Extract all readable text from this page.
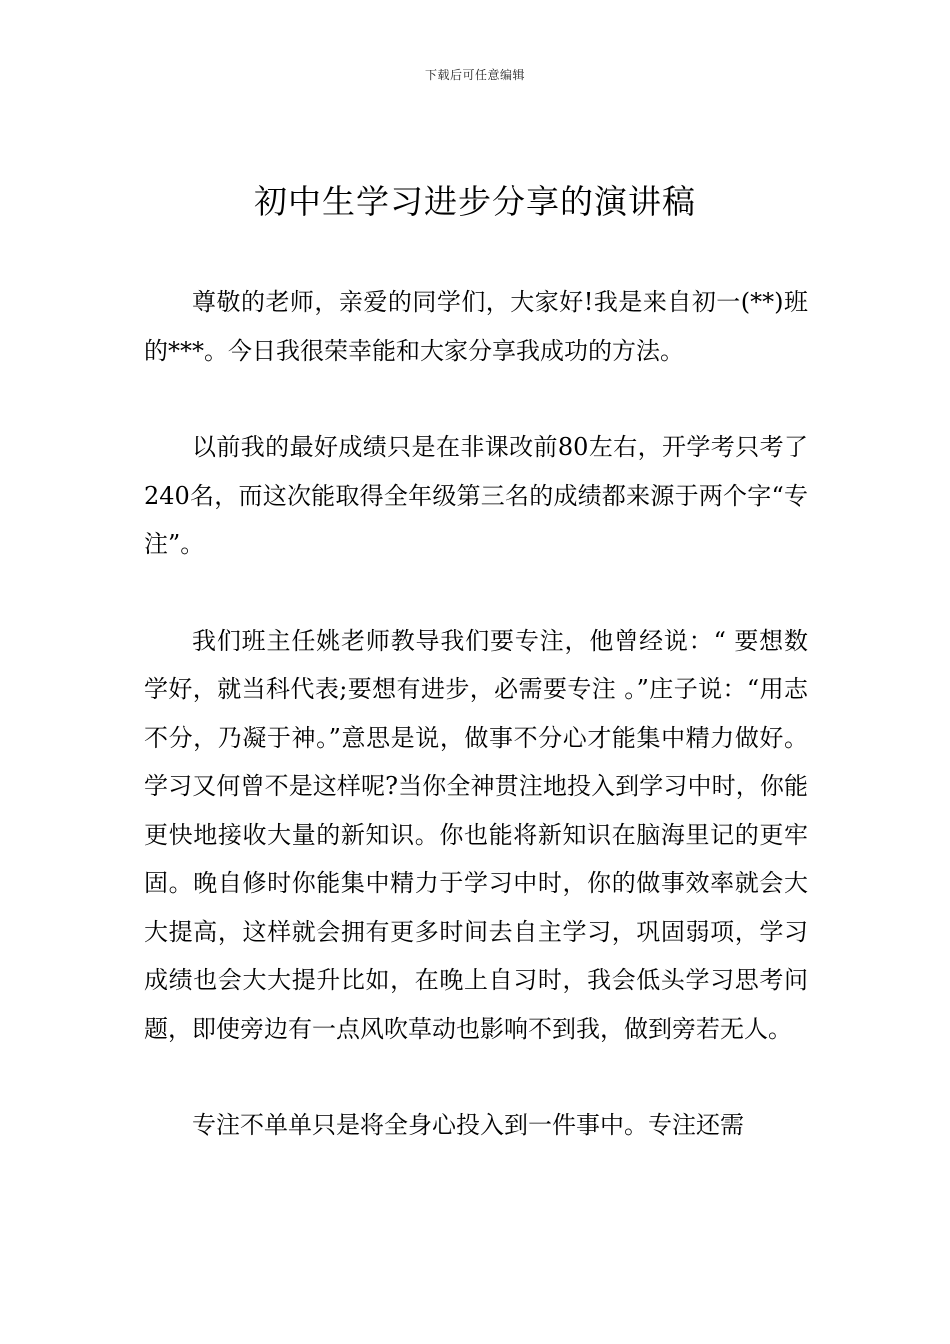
下载后可任意编辑
初中生学习进步分享的演讲稿

尊敬的老师，亲爱的同学们，大家好!我是来自初一(**)班的***。今日我很荣幸能和大家分享我成功的方法。

以前我的最好成绩只是在非课改前80左右，开学考只考了240名，而这次能取得全年级第三名的成绩都来源于两个字“专注”。

我们班主任姚老师教导我们要专注，他曾经说：“ 要想数学好，就当科代表;要想有进步，必需要专注 。”庄子说：“用志不分，乃凝于神。”意思是说，做事不分心才能集中精力做好。学习又何曾不是这样呢?当你全神贯注地投入到学习中时，你能更快地接收大量的新知识。你也能将新知识在脑海里记的更牢固。晚自修时你能集中精力于学习中时，你的做事效率就会大大提高，这样就会拥有更多时间去自主学习，巩固弱项，学习成绩也会大大提升比如，在晚上自习时，我会低头学习思考问题，即使旁边有一点风吹草动也影响不到我，做到旁若无人。

专注不单单只是将全身心投入到一件事中。专注还需
